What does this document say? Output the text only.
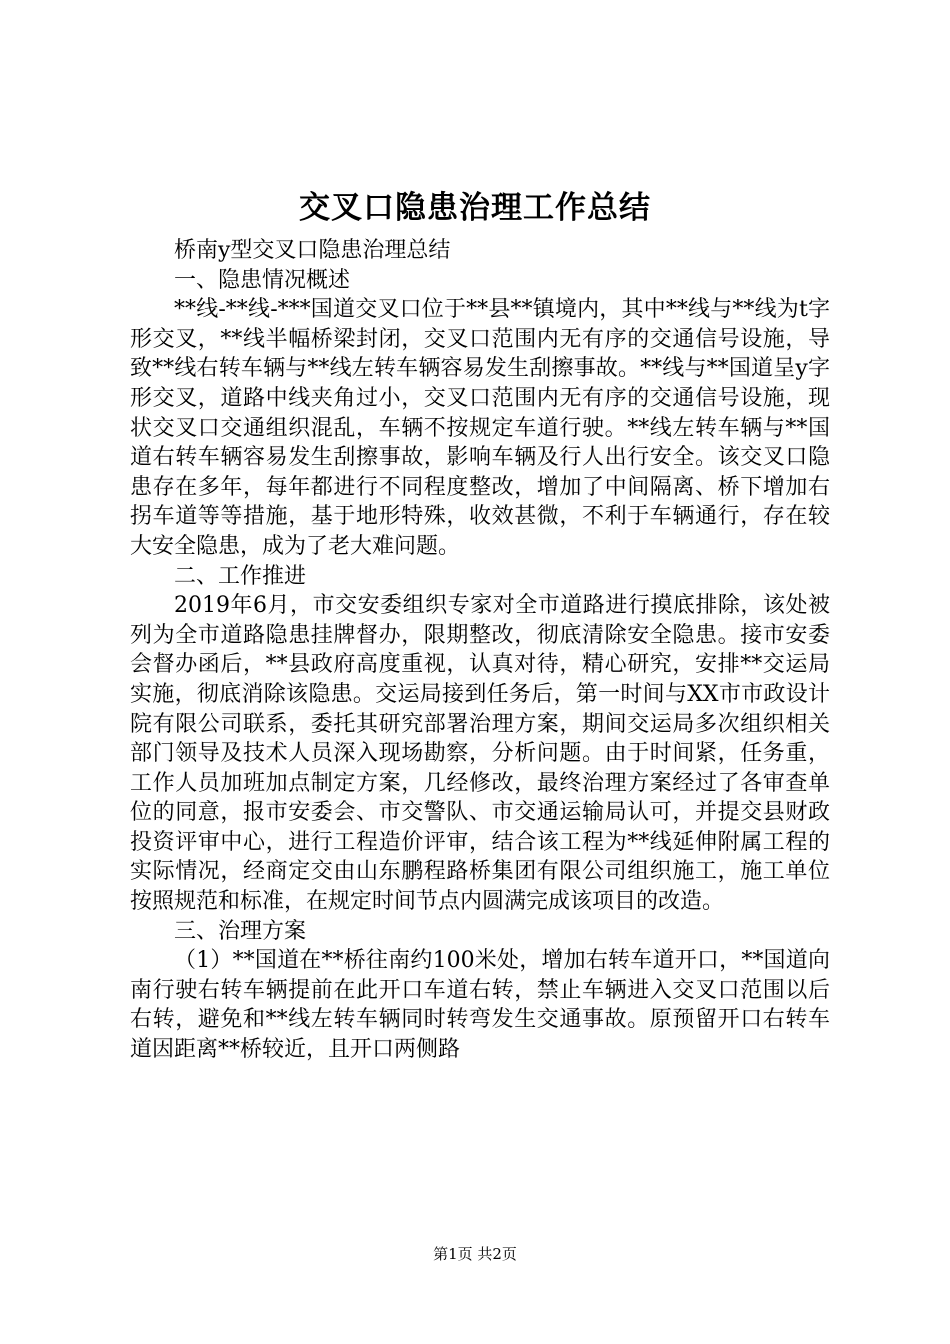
交叉口隐患治理工作总结

桥南y型交叉口隐患治理总结

一、隐患情况概述

**线-**线-***国道交叉口位于**县**镇境内，其中**线与**线为t字形交叉，**线半幅桥梁封闭，交叉口范围内无有序的交通信号设施，导致**线右转车辆与**线左转车辆容易发生刮擦事故。**线与**国道呈y字形交叉，道路中线夹角过小，交叉口范围内无有序的交通信号设施，现状交叉口交通组织混乱，车辆不按规定车道行驶。**线左转车辆与**国道右转车辆容易发生刮擦事故，影响车辆及行人出行安全。该交叉口隐患存在多年，每年都进行不同程度整改，增加了中间隔离、桥下增加右拐车道等等措施，基于地形特殊，收效甚微，不利于车辆通行，存在较大安全隐患，成为了老大难问题。

二、工作推进

2019年6月，市交安委组织专家对全市道路进行摸底排除，该处被列为全市道路隐患挂牌督办，限期整改，彻底清除安全隐患。接市安委会督办函后，**县政府高度重视，认真对待，精心研究，安排**交运局实施，彻底消除该隐患。交运局接到任务后，第一时间与XX市市政设计院有限公司联系，委托其研究部署治理方案，期间交运局多次组织相关部门领导及技术人员深入现场勘察，分析问题。由于时间紧，任务重，工作人员加班加点制定方案，几经修改，最终治理方案经过了各审查单位的同意，报市安委会、市交警队、市交通运输局认可，并提交县财政投资评审中心，进行工程造价评审，结合该工程为**线延伸附属工程的实际情况，经商定交由山东鹏程路桥集团有限公司组织施工，施工单位按照规范和标准，在规定时间节点内圆满完成该项目的改造。

三、治理方案

（1）**国道在**桥往南约100米处，增加右转车道开口，**国道向南行驶右转车辆提前在此开口车道右转，禁止车辆进入交叉口范围以后右转，避免和**线左转车辆同时转弯发生交通事故。原预留开口右转车道因距离**桥较近，且开口两侧路

第1页 共2页
